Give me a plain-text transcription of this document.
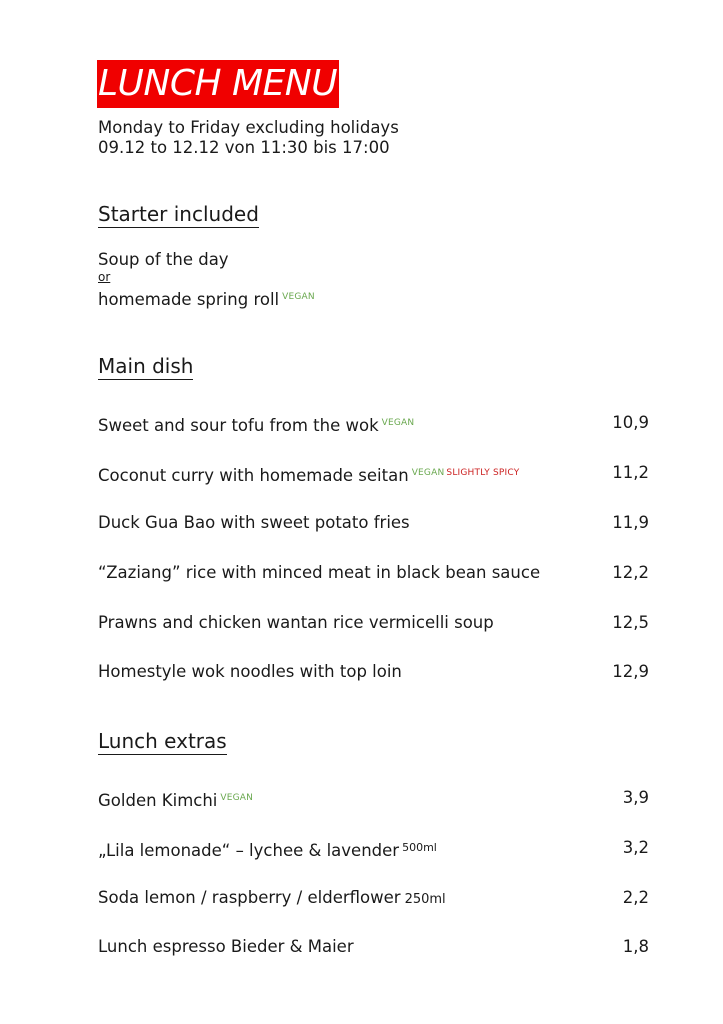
LUNCH MENU
Monday to Friday excluding holidays
09.12 to 12.12 von 11:30 bis 17:00
Starter included
Soup of the day
or
homemade spring roll $^{VEGAN}$
Main dish
Sweet and sour tofu from the wok $^{VEGAN}$	10,9
Coconut curry with homemade seitan $^{VEGAN}$ $^{SLIGHTLY SPICY}$	11,2
Duck Gua Bao with sweet potato fries	11,9
“Zaziang” rice with minced meat in black bean sauce	12,2
Prawns and chicken wantan rice vermicelli soup	12,5
Homestyle wok noodles with top loin	12,9
Lunch extras
Golden Kimchi $^{VEGAN}$	3,9
„Lila lemonade“ – lychee & lavender $^{500ml}$	3,2
Soda lemon / raspberry / elderflower 250ml	2,2
Lunch espresso Bieder & Maier	1,8
